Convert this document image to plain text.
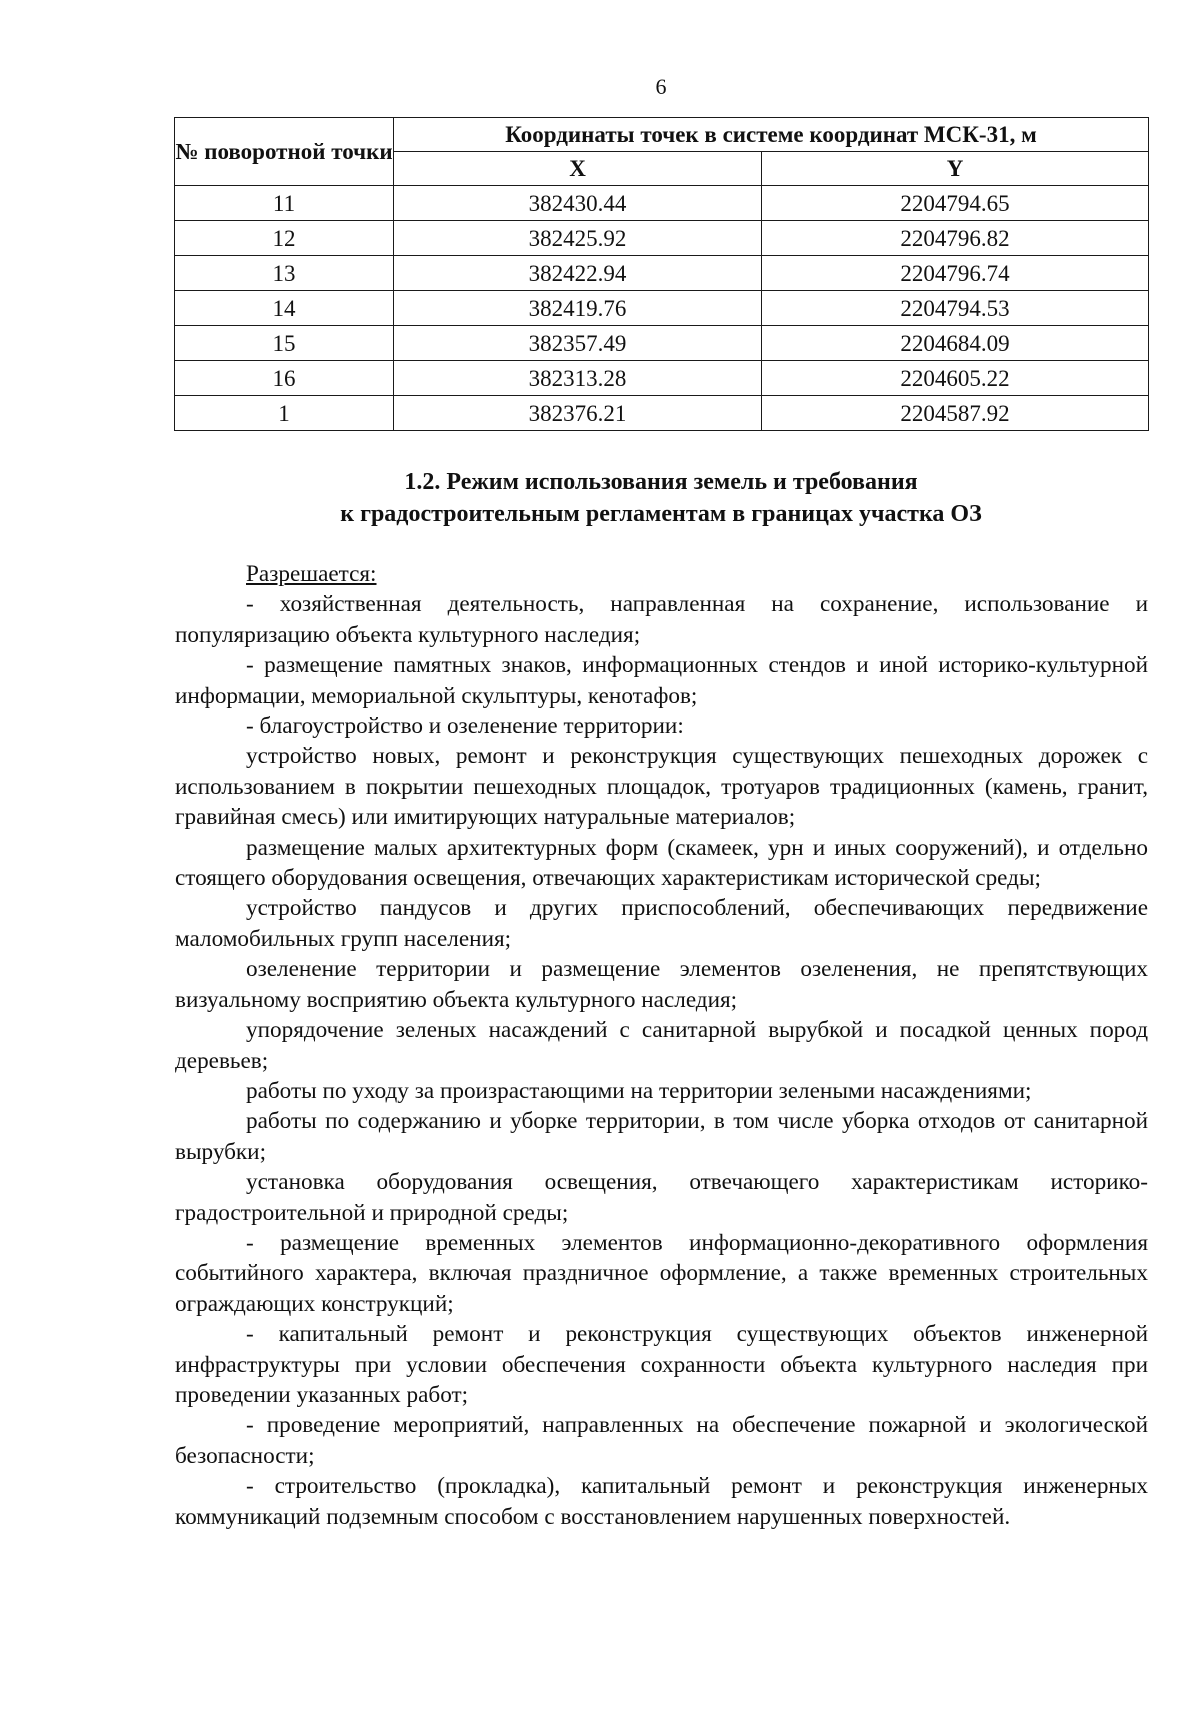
6
№ поворотной точки	Координаты точек в системе координат МСК-31, м	
	X	Y
11	382430.44	2204794.65
12	382425.92	2204796.82
13	382422.94	2204796.74
14	382419.76	2204794.53
15	382357.49	2204684.09
16	382313.28	2204605.22
1	382376.21	2204587.92
1.2. Режим использования земель и требования
к градостроительным регламентам в границах участка ОЗ

Разрешается:

- хозяйственная деятельность, направленная на сохранение, использование и популяризацию объекта культурного наследия;

- размещение памятных знаков, информационных стендов и иной историко-культурной информации, мемориальной скульптуры, кенотафов;

- благоустройство и озеленение территории:

устройство новых, ремонт и реконструкция существующих пешеходных дорожек с использованием в покрытии пешеходных площадок, тротуаров традиционных (камень, гранит, гравийная смесь) или имитирующих натуральные материалов;

размещение малых архитектурных форм (скамеек, урн и иных сооружений), и отдельно стоящего оборудования освещения, отвечающих характеристикам исторической среды;

устройство пандусов и других приспособлений, обеспечивающих передвижение маломобильных групп населения;

озеленение территории и размещение элементов озеленения, не препятствующих визуальному восприятию объекта культурного наследия;

упорядочение зеленых насаждений с санитарной вырубкой и посадкой ценных пород деревьев;

работы по уходу за произрастающими на территории зелеными насаждениями;

работы по содержанию и уборке территории, в том числе уборка отходов от санитарной вырубки;

установка оборудования освещения, отвечающего характеристикам историко-градостроительной и природной среды;

- размещение временных элементов информационно-декоративного оформления событийного характера, включая праздничное оформление, а также временных строительных ограждающих конструкций;

- капитальный ремонт и реконструкция существующих объектов инженерной инфраструктуры при условии обеспечения сохранности объекта культурного наследия при проведении указанных работ;

- проведение мероприятий, направленных на обеспечение пожарной и экологической безопасности;

- строительство (прокладка), капитальный ремонт и реконструкция инженерных коммуникаций подземным способом с восстановлением нарушенных поверхностей.
